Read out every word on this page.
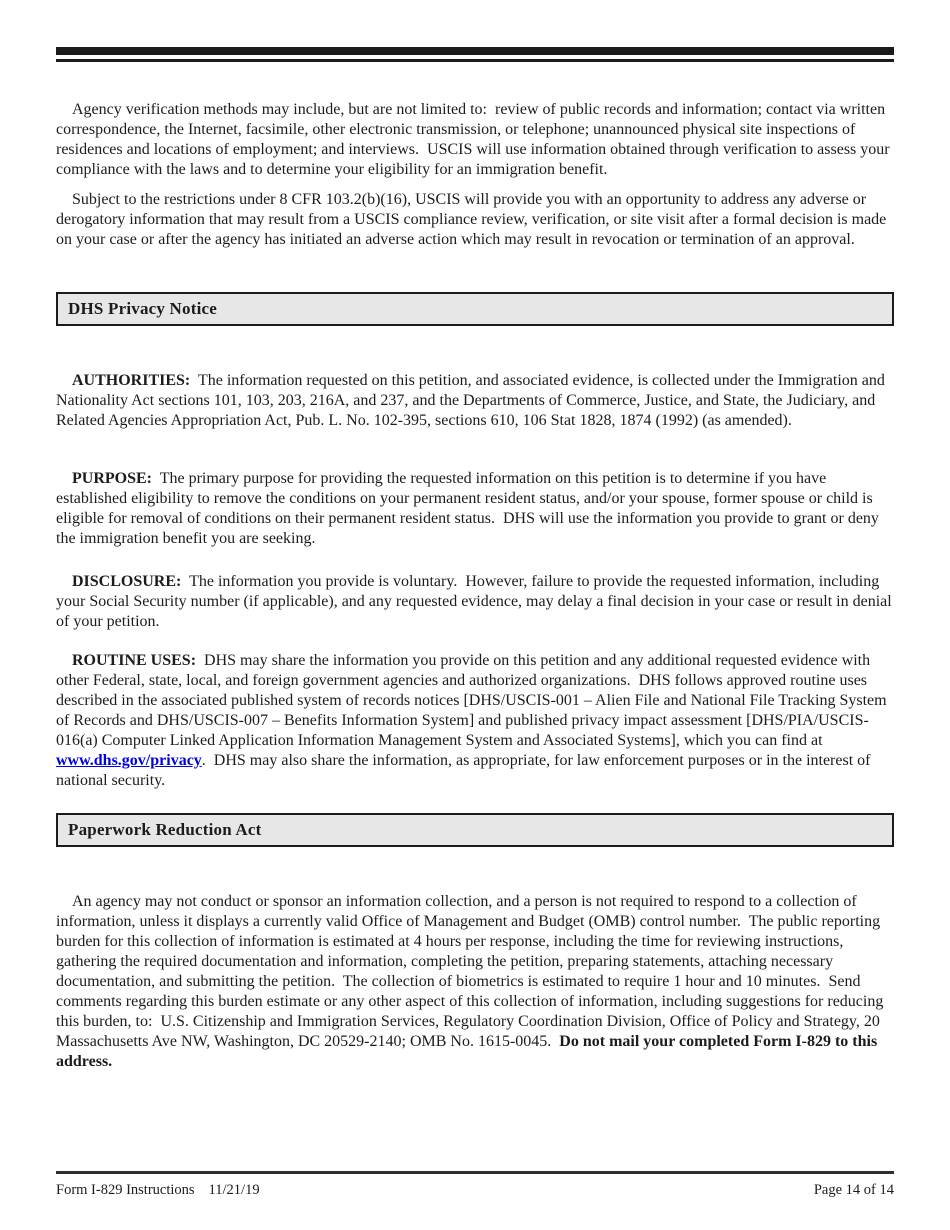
Agency verification methods may include, but are not limited to:  review of public records and information; contact via written correspondence, the Internet, facsimile, other electronic transmission, or telephone; unannounced physical site inspections of residences and locations of employment; and interviews.  USCIS will use information obtained through verification to assess your compliance with the laws and to determine your eligibility for an immigration benefit.

Subject to the restrictions under 8 CFR 103.2(b)(16), USCIS will provide you with an opportunity to address any adverse or derogatory information that may result from a USCIS compliance review, verification, or site visit after a formal decision is made on your case or after the agency has initiated an adverse action which may result in revocation or termination of an approval.

DHS Privacy Notice

AUTHORITIES:  The information requested on this petition, and associated evidence, is collected under the Immigration and Nationality Act sections 101, 103, 203, 216A, and 237, and the Departments of Commerce, Justice, and State, the Judiciary, and Related Agencies Appropriation Act, Pub. L. No. 102-395, sections 610, 106 Stat 1828, 1874 (1992) (as amended).

PURPOSE:  The primary purpose for providing the requested information on this petition is to determine if you have established eligibility to remove the conditions on your permanent resident status, and/or your spouse, former spouse or child is eligible for removal of conditions on their permanent resident status.  DHS will use the information you provide to grant or deny the immigration benefit you are seeking.

DISCLOSURE:  The information you provide is voluntary.  However, failure to provide the requested information, including your Social Security number (if applicable), and any requested evidence, may delay a final decision in your case or result in denial of your petition.

ROUTINE USES:  DHS may share the information you provide on this petition and any additional requested evidence with other Federal, state, local, and foreign government agencies and authorized organizations.  DHS follows approved routine uses described in the associated published system of records notices [DHS/USCIS-001 – Alien File and National File Tracking System of Records and DHS/USCIS-007 – Benefits Information System] and published privacy impact assessment [DHS/PIA/USCIS-016(a) Computer Linked Application Information Management System and Associated Systems], which you can find at www.dhs.gov/privacy.  DHS may also share the information, as appropriate, for law enforcement purposes or in the interest of national security.

Paperwork Reduction Act

An agency may not conduct or sponsor an information collection, and a person is not required to respond to a collection of information, unless it displays a currently valid Office of Management and Budget (OMB) control number.  The public reporting burden for this collection of information is estimated at 4 hours per response, including the time for reviewing instructions, gathering the required documentation and information, completing the petition, preparing statements, attaching necessary documentation, and submitting the petition.  The collection of biometrics is estimated to require 1 hour and 10 minutes.  Send comments regarding this burden estimate or any other aspect of this collection of information, including suggestions for reducing this burden, to:  U.S. Citizenship and Immigration Services, Regulatory Coordination Division, Office of Policy and Strategy, 20 Massachusetts Ave NW, Washington, DC 20529-2140; OMB No. 1615-0045.  Do not mail your completed Form I-829 to this address.

Form I-829 Instructions 11/21/19	Page 14 of 14
